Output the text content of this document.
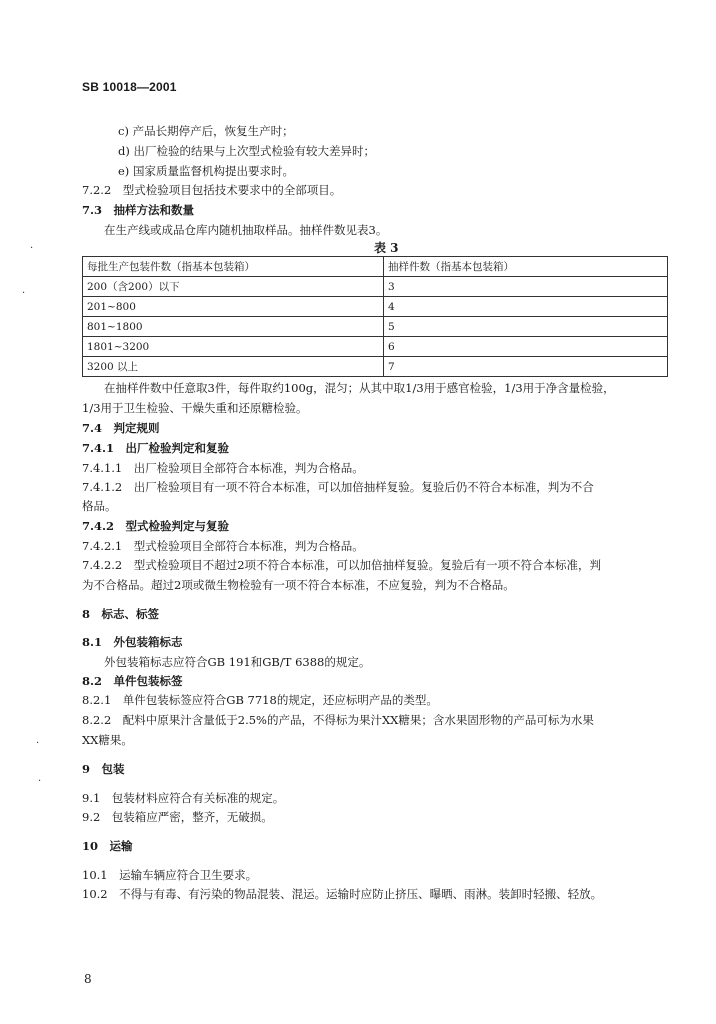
SB 10018—2001
c) 产品长期停产后，恢复生产时；
d) 出厂检验的结果与上次型式检验有较大差异时；
e) 国家质量监督机构提出要求时。
7.2.2　型式检验项目包括技术要求中的全部项目。
7.3　抽样方法和数量
在生产线或成品仓库内随机抽取样品。抽样件数见表3。
表 3
每批生产包装件数（指基本包装箱）	抽样件数（指基本包装箱）
200（含200）以下	3
201~800	4
801~1800	5
1801~3200	6
3200 以上	7
在抽样件数中任意取3件，每件取约100g，混匀；从其中取1/3用于感官检验，1/3用于净含量检验，
1/3用于卫生检验、干燥失重和还原糖检验。
7.4　判定规则
7.4.1　出厂检验判定和复验
7.4.1.1　出厂检验项目全部符合本标准，判为合格品。
7.4.1.2　出厂检验项目有一项不符合本标准，可以加倍抽样复验。复验后仍不符合本标准，判为不合
格品。
7.4.2　型式检验判定与复验
7.4.2.1　型式检验项目全部符合本标准，判为合格品。
7.4.2.2　型式检验项目不超过2项不符合本标准，可以加倍抽样复验。复验后有一项不符合本标准，判
为不合格品。超过2项或微生物检验有一项不符合本标准，不应复验，判为不合格品。
8　标志、标签
8.1　外包装箱标志
外包装箱标志应符合GB 191和GB/T 6388的规定。
8.2　单件包装标签
8.2.1　单件包装标签应符合GB 7718的规定，还应标明产品的类型。
8.2.2　配料中原果汁含量低于2.5%的产品，不得标为果汁XX糖果；含水果固形物的产品可标为水果
XX糖果。
9　包装
9.1　包装材料应符合有关标准的规定。
9.2　包装箱应严密，整齐，无破损。
10　运输
10.1　运输车辆应符合卫生要求。
10.2　不得与有毒、有污染的物品混装、混运。运输时应防止挤压、曝晒、雨淋。装卸时轻搬、轻放。
·
·
·
·
8
